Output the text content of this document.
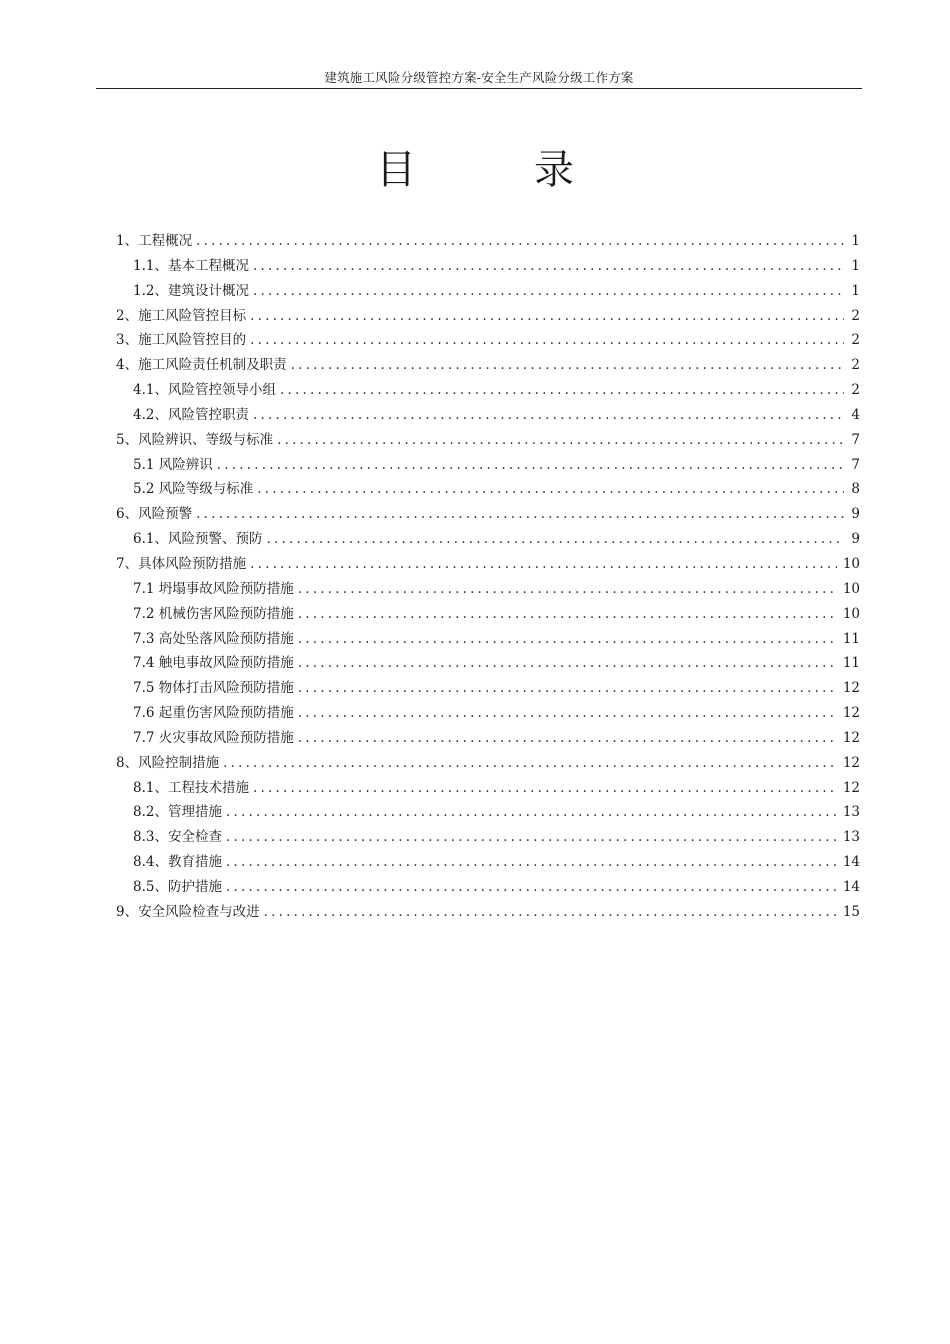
建筑施工风险分级管控方案-安全生产风险分级工作方案
目	录
1、工程概况 .....	1
1.1、基本工程概况 .....	1
1.2、建筑设计概况 .....	1
2、施工风险管控目标 .....	2
3、施工风险管控目的 .....	2
4、施工风险责任机制及职责 .....	2
4.1、风险管控领导小组 .....	2
4.2、风险管控职责 .....	4
5、风险辨识、等级与标准 .....	7
5.1 风险辨识 .....	7
5.2 风险等级与标准 .....	8
6、风险预警 .....	9
6.1、风险预警、预防 .....	9
7、具体风险预防措施 .....	10
7.1 坍塌事故风险预防措施 .....	10
7.2 机械伤害风险预防措施 .....	10
7.3 高处坠落风险预防措施 .....	11
7.4 触电事故风险预防措施 .....	11
7.5 物体打击风险预防措施 .....	12
7.6 起重伤害风险预防措施 .....	12
7.7 火灾事故风险预防措施 .....	12
8、风险控制措施 .....	12
8.1、工程技术措施 .....	12
8.2、管理措施 .....	13
8.3、安全检查 .....	13
8.4、教育措施 .....	14
8.5、防护措施 .....	14
9、安全风险检查与改进 .....	15
